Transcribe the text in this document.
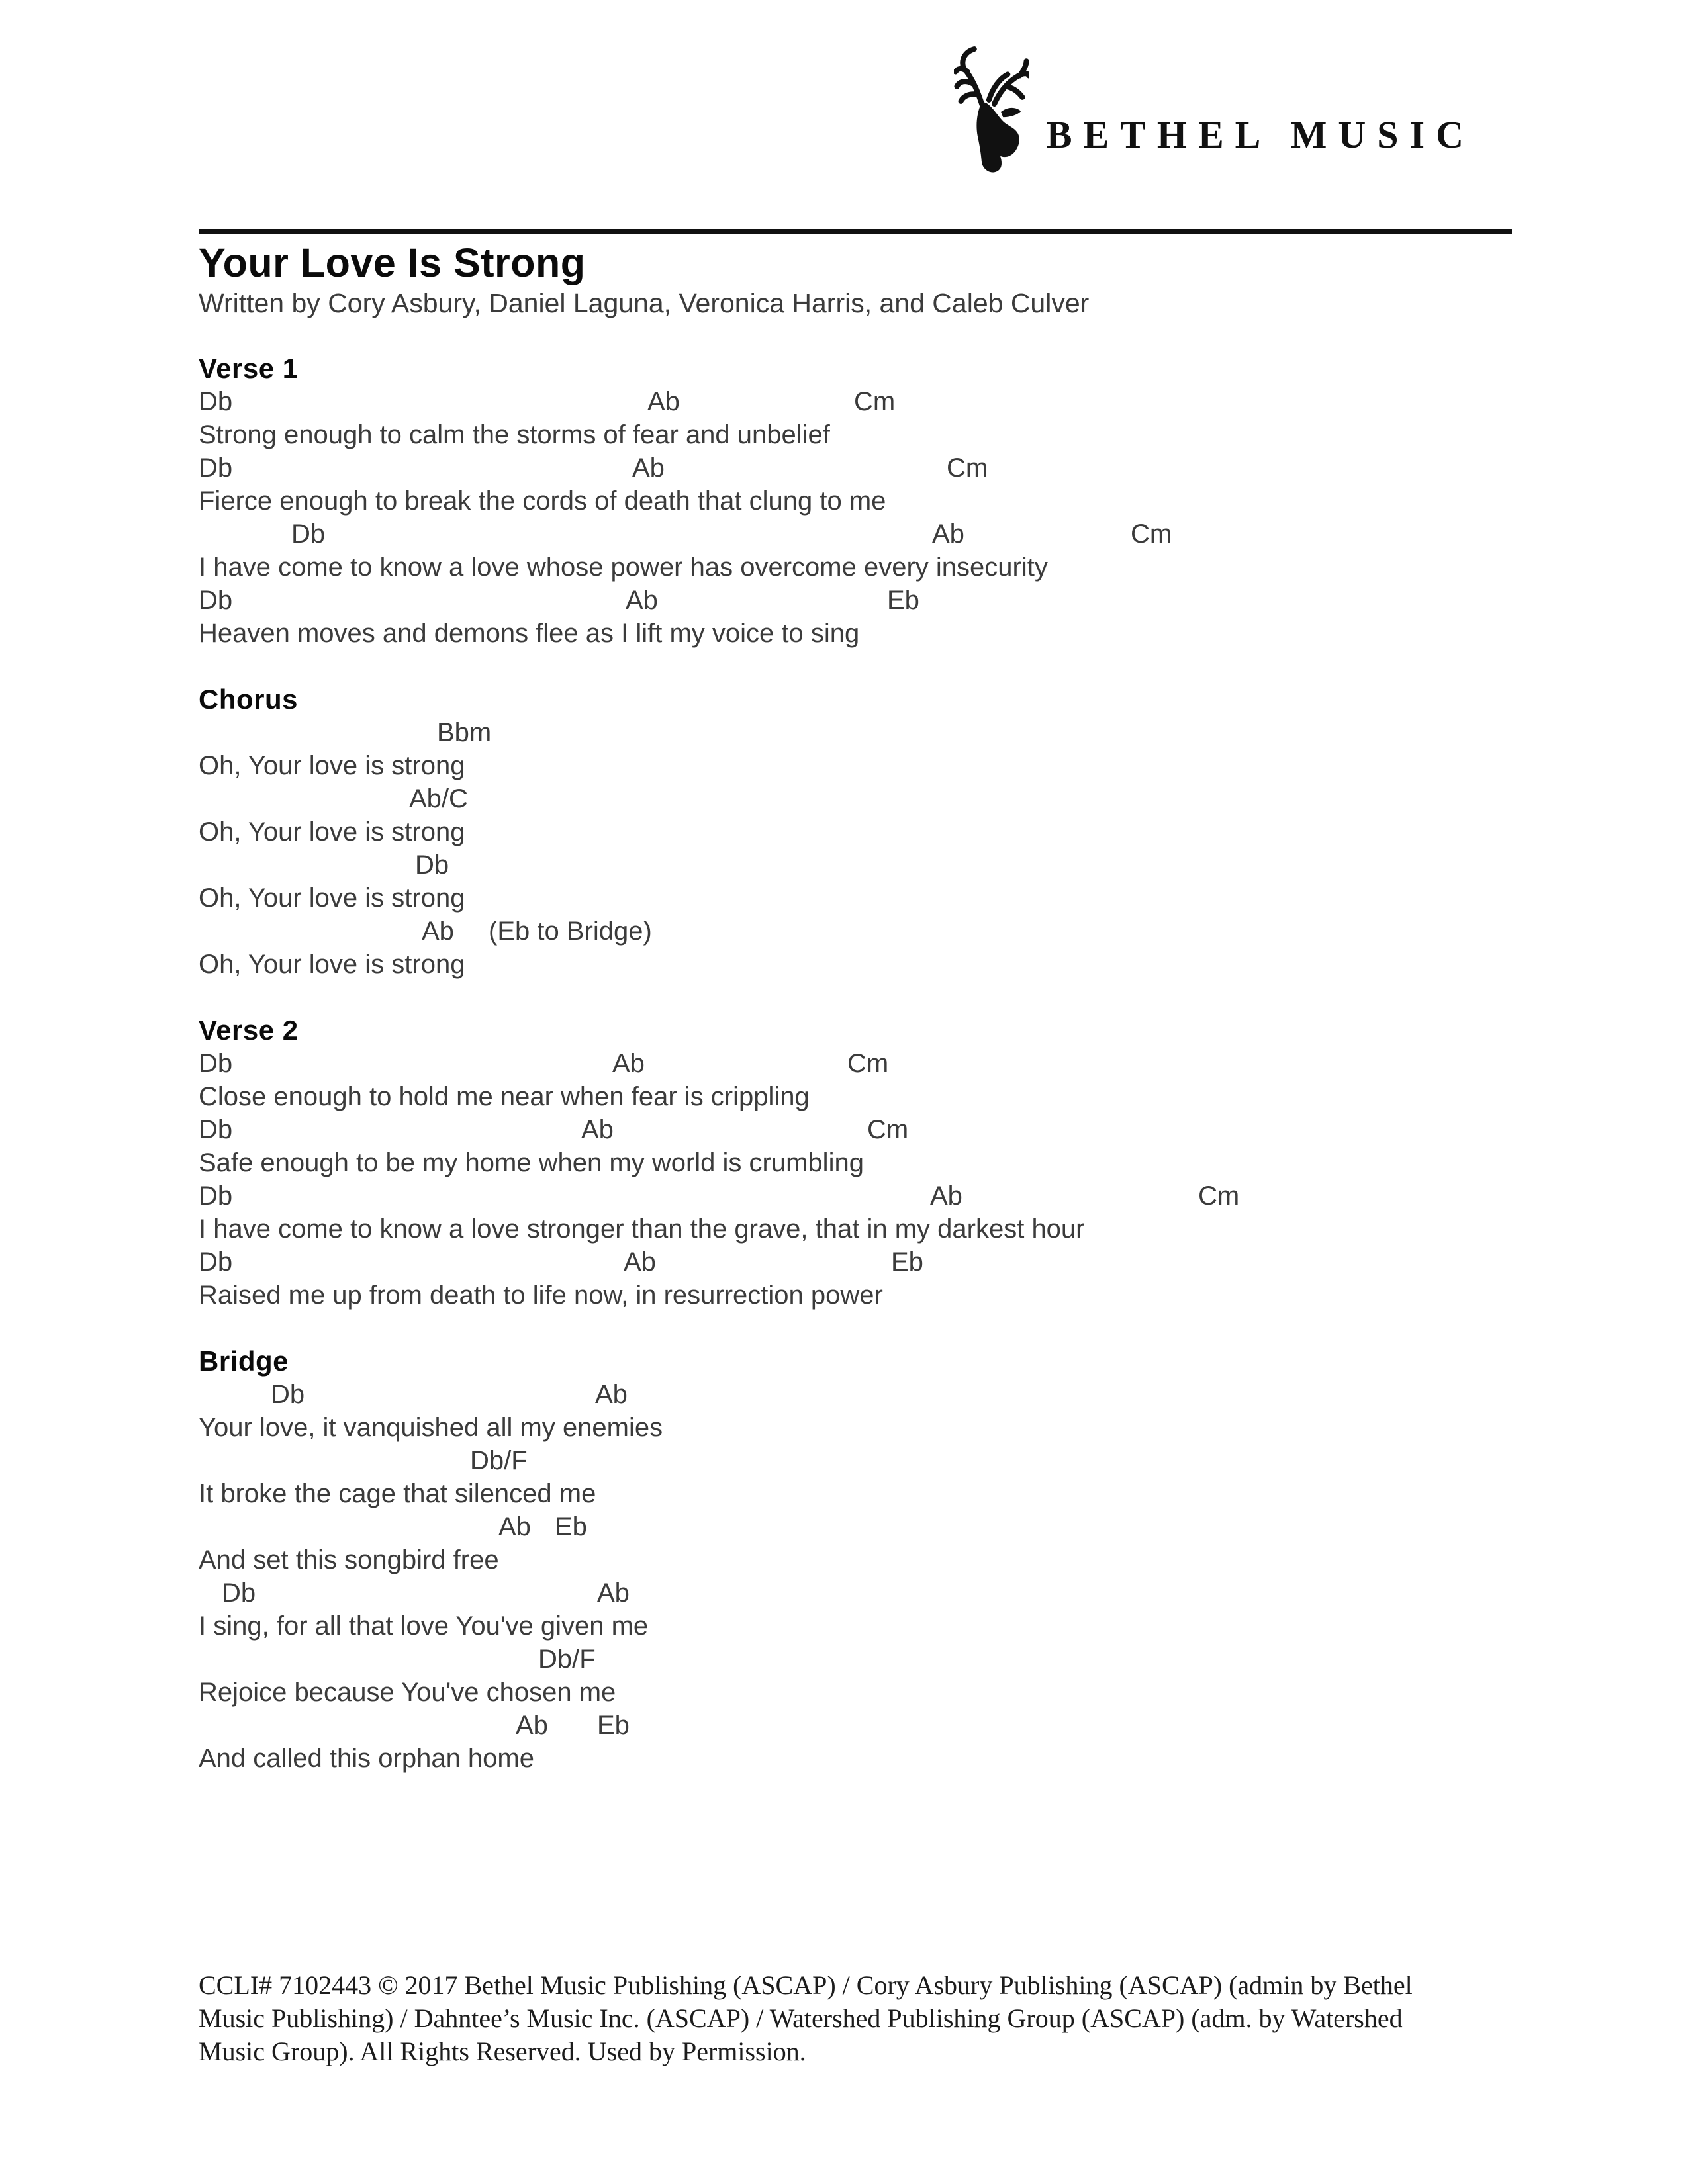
BETHEL MUSIC
Your Love Is Strong
Written by Cory Asbury, Daniel Laguna, Veronica Harris, and Caleb Culver
Verse 1
Db	Ab	Cm
Strong enough to calm the storms of fear and unbelief
Db	Ab	Cm
Fierce enough to break the cords of death that clung to me
Db	Ab	Cm
I have come to know a love whose power has overcome every insecurity
Db	Ab	Eb
Heaven moves and demons flee as I lift my voice to sing
Chorus
Bbm
Oh, Your love is strong
Ab/C
Oh, Your love is strong
Db
Oh, Your love is strong
Ab (Eb to Bridge)
Oh, Your love is strong
Verse 2
Db	Ab	Cm
Close enough to hold me near when fear is crippling
Db	Ab	Cm
Safe enough to be my home when my world is crumbling
Db	Ab	Cm
I have come to know a love stronger than the grave, that in my darkest hour
Db	Ab	Eb
Raised me up from death to life now, in resurrection power
Bridge
Db	Ab
Your love, it vanquished all my enemies
Db/F
It broke the cage that silenced me
Ab Eb
And set this songbird free
Db	Ab
I sing, for all that love You've given me
Db/F
Rejoice because You've chosen me
Ab Eb
And called this orphan home
CCLI# 7102443 © 2017 Bethel Music Publishing (ASCAP) / Cory Asbury Publishing (ASCAP) (admin by Bethel
Music Publishing) / Dahntee’s Music Inc. (ASCAP) / Watershed Publishing Group (ASCAP) (adm. by Watershed
Music Group). All Rights Reserved. Used by Permission.
